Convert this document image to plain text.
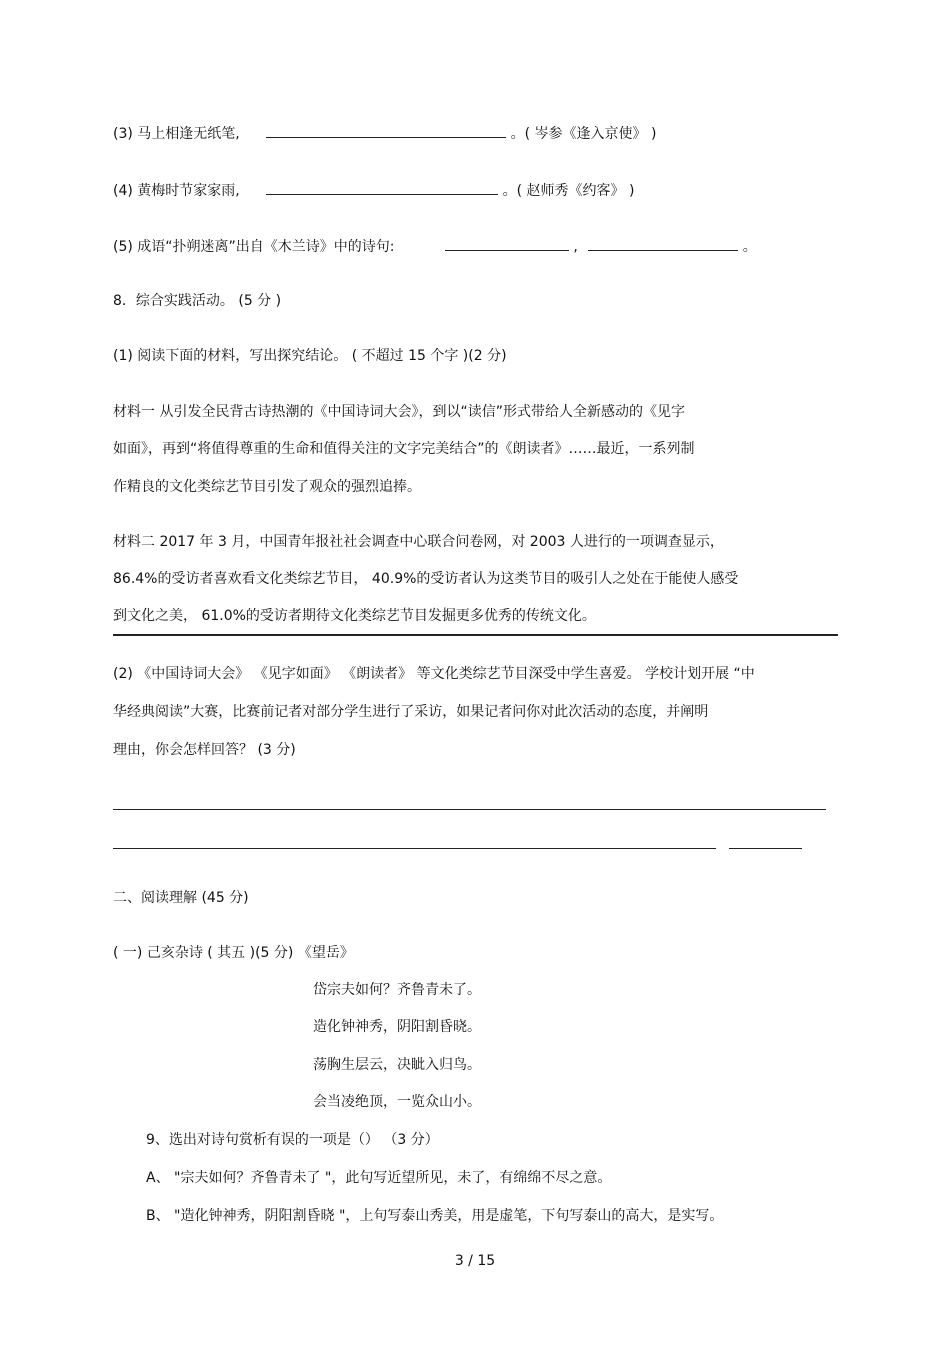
(3) 马上相逢无纸笔,	。( 岑参《逢入京使》 )
(4) 黄梅时节家家雨,	。( 赵师秀《约客》 )
(5) 成语“扑朔迷离”出自《木兰诗》中的诗句:	,	。
8．综合实践活动。 (5 分 )
(1) 阅读下面的材料，写出探究结论。 ( 不超过 15 个字 )(2 分)
材料一 从引发全民背古诗热潮的《中国诗词大会》，到以“读信”形式带给人全新感动的《见字
如面》，再到“将值得尊重的生命和值得关注的文字完美结合”的《朗读者》……最近，一系列制
作精良的文化类综艺节目引发了观众的强烈追捧。
材料二 2017 年 3 月，中国青年报社社会调查中心联合问卷网，对 2003 人进行的一项调查显示，
86.4%的受访者喜欢看文化类综艺节目， 40.9%的受访者认为这类节目的吸引人之处在于能使人感受
到文化之美， 61.0%的受访者期待文化类综艺节目发掘更多优秀的传统文化。
(2) 《中国诗词大会》 《见字如面》 《朗读者》 等文化类综艺节目深受中学生喜爱。 学校计划开展 “中
华经典阅读”大赛，比赛前记者对部分学生进行了采访，如果记者问你对此次活动的态度，并阐明
理由，你会怎样回答？ (3 分)
二、阅读理解 (45 分)
( 一) 己亥杂诗 ( 其五 )(5 分) 《望岳》
岱宗夫如何？齐鲁青未了。
造化钟神秀，阴阳割昏晓。
荡胸生层云，决眦入归鸟。
会当凌绝顶，一览众山小。
9、选出对诗句赏析有误的一项是（） （3 分）
A、 "宗夫如何？齐鲁青未了 "，此句写近望所见，未了，有绵绵不尽之意。
B、 "造化钟神秀，阴阳割昏晓 "，上句写泰山秀美，用是虚笔，下句写泰山的高大，是实写。
3 / 15
